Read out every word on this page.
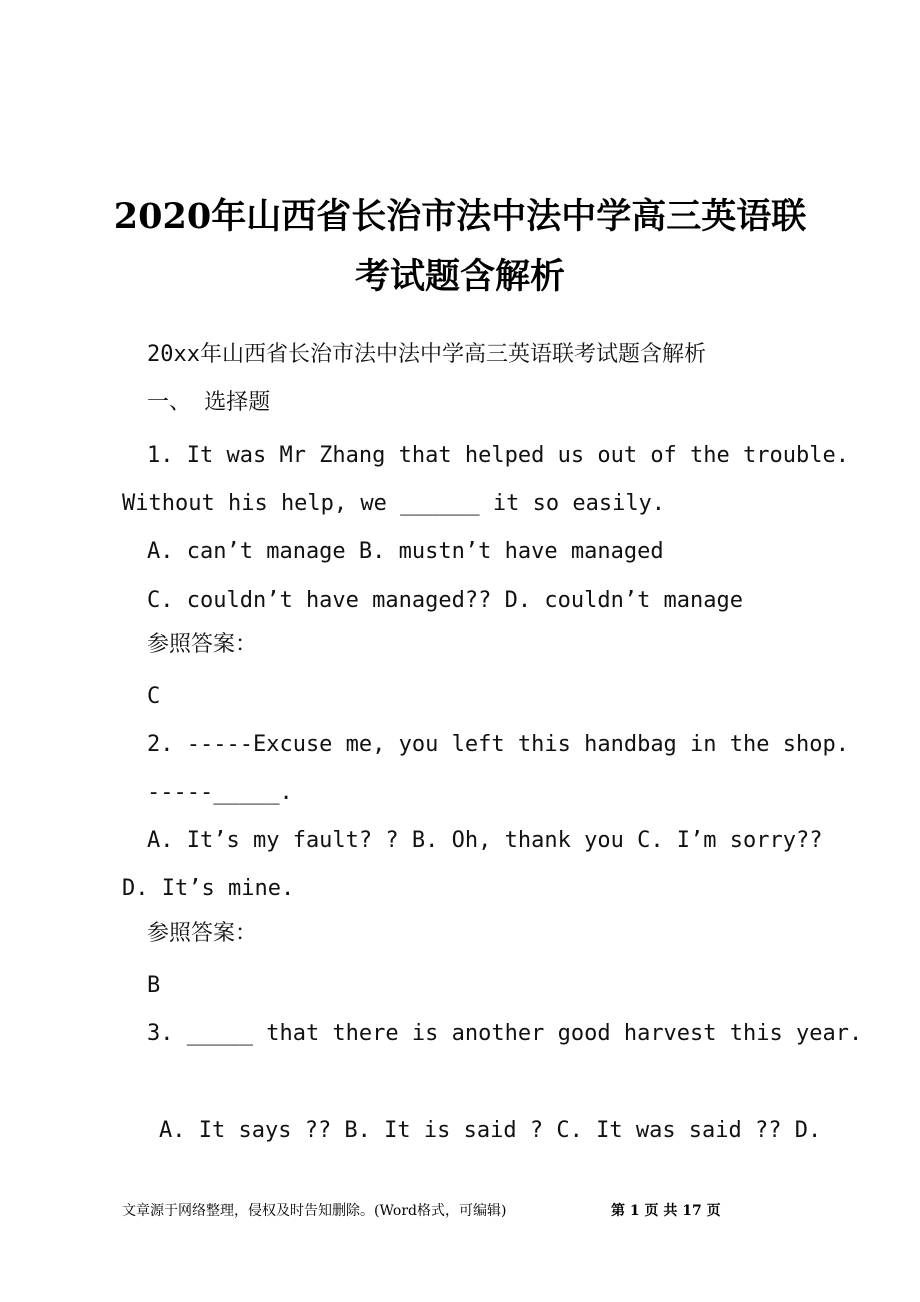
2020年山西省长治市法中法中学高三英语联
考试题含解析
20xx年山西省长治市法中法中学高三英语联考试题含解析
一、 选择题
1. It was Mr Zhang that helped us out of the trouble.
Without his help, we ______ it so easily.
A. can’t manage B. mustn’t have managed
C. couldn’t have managed?? D. couldn’t manage
参照答案：
C
2. -----Excuse me, you left this handbag in the shop.
-----_____.
A. It’s my fault? ? B. Oh, thank you C. I’m sorry??
D. It’s mine.
参照答案：
B
3. _____ that there is another good harvest this year.
A. It says ?? B. It is said ? C. It was said ?? D.
文章源于网络整理，侵权及时告知删除。(Word格式，可编辑)	第 1 页 共 17 页
